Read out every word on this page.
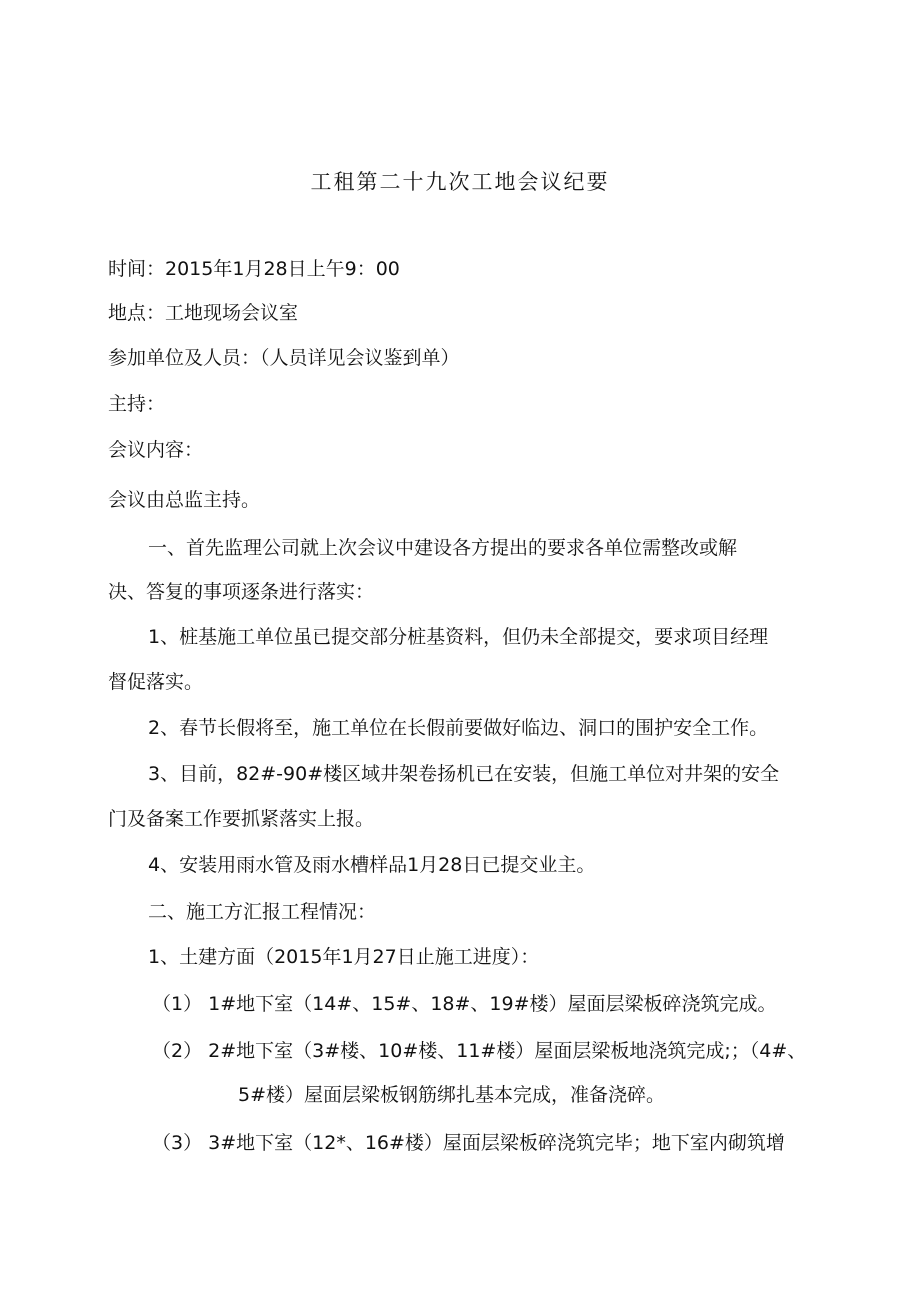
工租第二十九次工地会议纪要
时间：2015年1月28日上午9：00
地点：工地现场会议室
参加单位及人员：（人员详见会议鉴到单）
主持：
会议内容：
会议由总监主持。
一、首先监理公司就上次会议中建设各方提出的要求各单位需整改或解
决、答复的事项逐条进行落实：
1、桩基施工单位虽已提交部分桩基资料，但仍未全部提交，要求项目经理
督促落实。
2、春节长假将至，施工单位在长假前要做好临边、洞口的围护安全工作。
3、目前，82#-90#楼区域井架卷扬机已在安装，但施工单位对井架的安全
门及备案工作要抓紧落实上报。
4、安装用雨水管及雨水槽样品1月28日已提交业主。
二、施工方汇报工程情况：
1、土建方面（2015年1月27日止施工进度）：
（1） 1#地下室（14#、15#、18#、19#楼）屋面层梁板碎浇筑完成。
（2） 2#地下室（3#楼、10#楼、11#楼）屋面层梁板地浇筑完成;；（4#、
5#楼）屋面层梁板钢筋绑扎基本完成，准备浇碎。
（3） 3#地下室（12*、16#楼）屋面层梁板碎浇筑完毕；地下室内砌筑增
